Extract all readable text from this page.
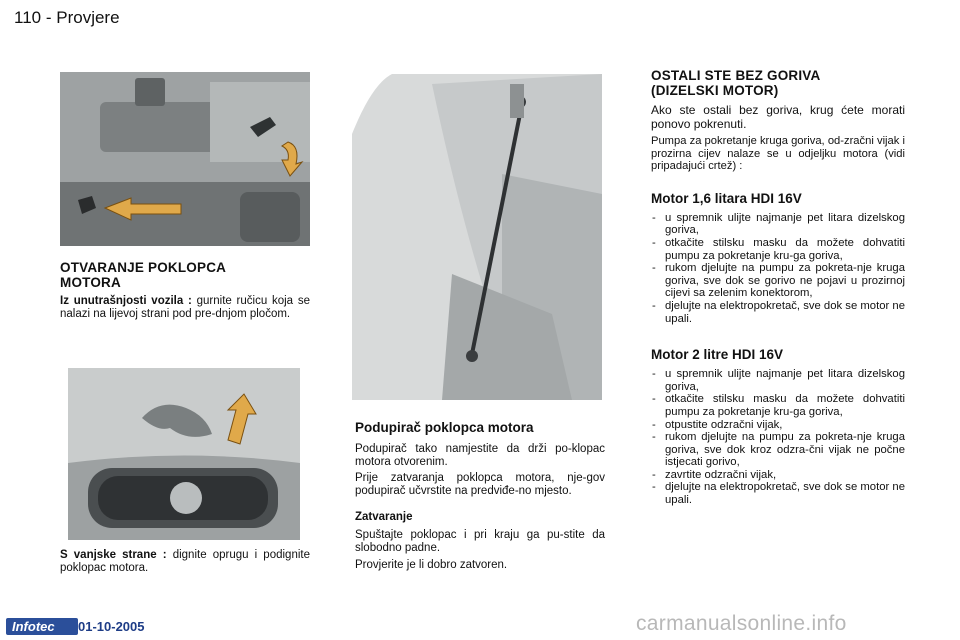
110 - Provjere
OTVARANJE POKLOPCA MOTORA

Iz unutrašnjosti vozila : gurnite ručicu koja se nalazi na lijevoj strani pod pre-dnjom pločom.

S vanjske strane : dignite oprugu i podignite poklopac motora.

Podupirač poklopca motora

Podupirač tako namjestite da drži po-klopac motora otvorenim.

Prije zatvaranja poklopca motora, nje-gov podupirač učvrstite na predviđe-no mjesto.

Zatvaranje

Spuštajte poklopac i pri kraju ga pu-stite da slobodno padne.

Provjerite je li dobro zatvoren.

OSTALI STE BEZ GORIVA (DIZELSKI MOTOR)

Ako ste ostali bez goriva, krug ćete morati ponovo pokrenuti.

Pumpa za pokretanje kruga goriva, od-zračni vijak i prozirna cijev nalaze se u odjeljku motora (vidi pripadajući crtež) :

Motor 1,6 litara HDI 16V
- u spremnik ulijte najmanje pet litara dizelskog goriva,
- otkačite stilsku masku da možete dohvatiti pumpu za pokretanje kru-ga goriva,
- rukom djelujte na pumpu za pokreta-nje kruga goriva, sve dok se gorivo ne pojavi u prozirnoj cijevi sa zelenim konektorom,
- djelujte na elektropokretač, sve dok se motor ne upali.
Motor 2 litre HDI 16V
- u spremnik ulijte najmanje pet litara dizelskog goriva,
- otkačite stilsku masku da možete dohvatiti pumpu za pokretanje kru-ga goriva,
- otpustite odzračni vijak,
- rukom djelujte na pumpu za pokreta-nje kruga goriva, sve dok kroz odzra-čni vijak ne počne istjecati gorivo,
- zavrtite odzračni vijak,
- djelujte na elektropokretač, sve dok se motor ne upali.
Infotec 01-10-2005	carmanualsonline.info
